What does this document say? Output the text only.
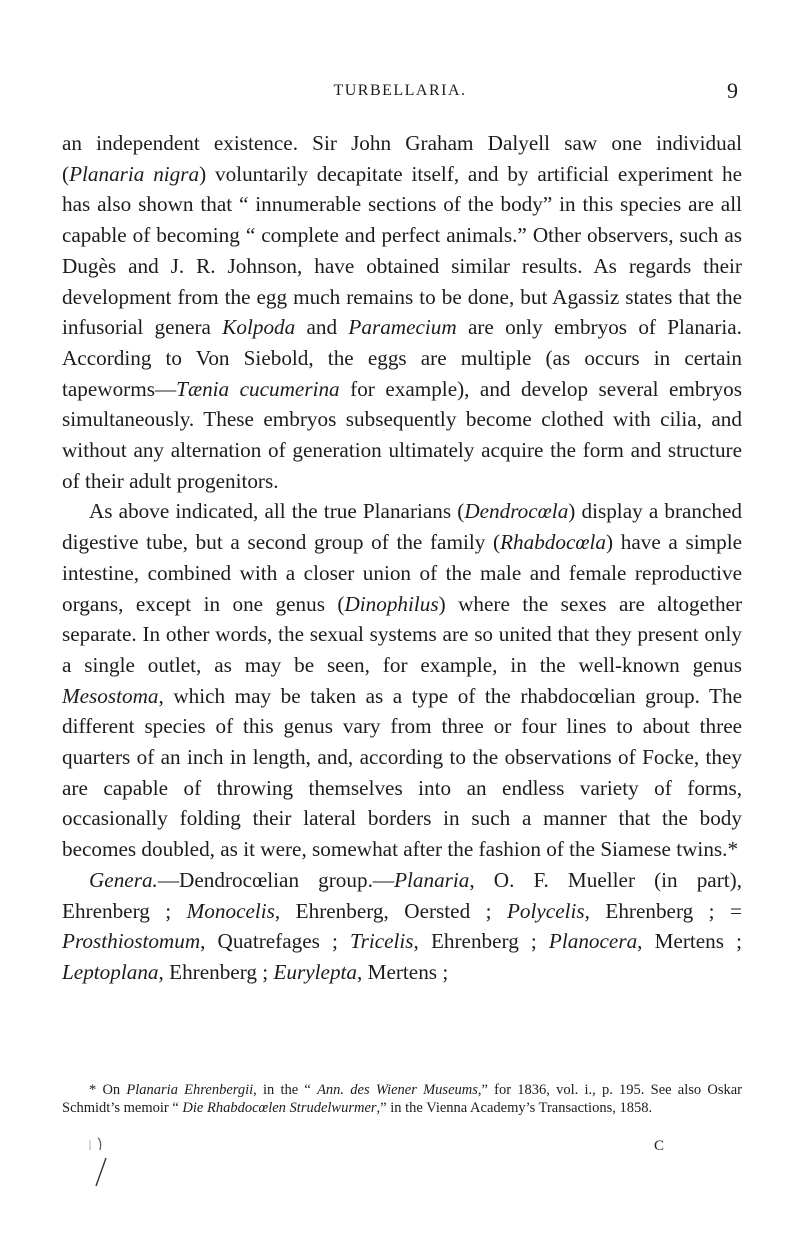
TURBELLARIA.	9

an independent existence. Sir John Graham Dalyell saw one individual (Planaria nigra) voluntarily decapitate itself, and by artificial experiment he has also shown that “ innumerable sections of the body” in this species are all capable of becoming “ complete and perfect animals.” Other observers, such as Dugès and J. R. Johnson, have obtained similar results. As regards their development from the egg much remains to be done, but Agassiz states that the infusorial genera Kolpoda and Paramecium are only embryos of Planaria. According to Von Siebold, the eggs are multiple (as occurs in certain tapeworms—Tænia cucumerina for example), and develop several embryos simultaneously. These embryos subsequently become clothed with cilia, and without any alternation of generation ultimately acquire the form and structure of their adult progenitors.

As above indicated, all the true Planarians (Dendrocœla) display a branched digestive tube, but a second group of the family (Rhabdocœla) have a simple intestine, combined with a closer union of the male and female reproductive organs, except in one genus (Dinophilus) where the sexes are altogether separate. In other words, the sexual systems are so united that they present only a single outlet, as may be seen, for example, in the well-known genus Mesostoma, which may be taken as a type of the rhabdocœlian group. The different species of this genus vary from three or four lines to about three quarters of an inch in length, and, according to the observations of Focke, they are capable of throwing themselves into an endless variety of forms, occasionally folding their lateral borders in such a manner that the body becomes doubled, as it were, somewhat after the fashion of the Siamese twins.*

Genera.—Dendrocœlian group.—Planaria, O. F. Mueller (in part), Ehrenberg ; Monocelis, Ehrenberg, Oersted ; Polycelis, Ehrenberg ; = Prosthiostomum, Quatrefages ; Tricelis, Ehrenberg ; Planocera, Mertens ; Leptoplana, Ehrenberg ; Eurylepta, Mertens ;

* On Planaria Ehrenbergii, in the “ Ann. des Wiener Museums,” for 1836, vol. i., p. 195. See also Oskar Schmidt’s memoir “ Die Rhabdocœlen Strudelwurmer,” in the Vienna Academy’s Transactions, 1858.

C
